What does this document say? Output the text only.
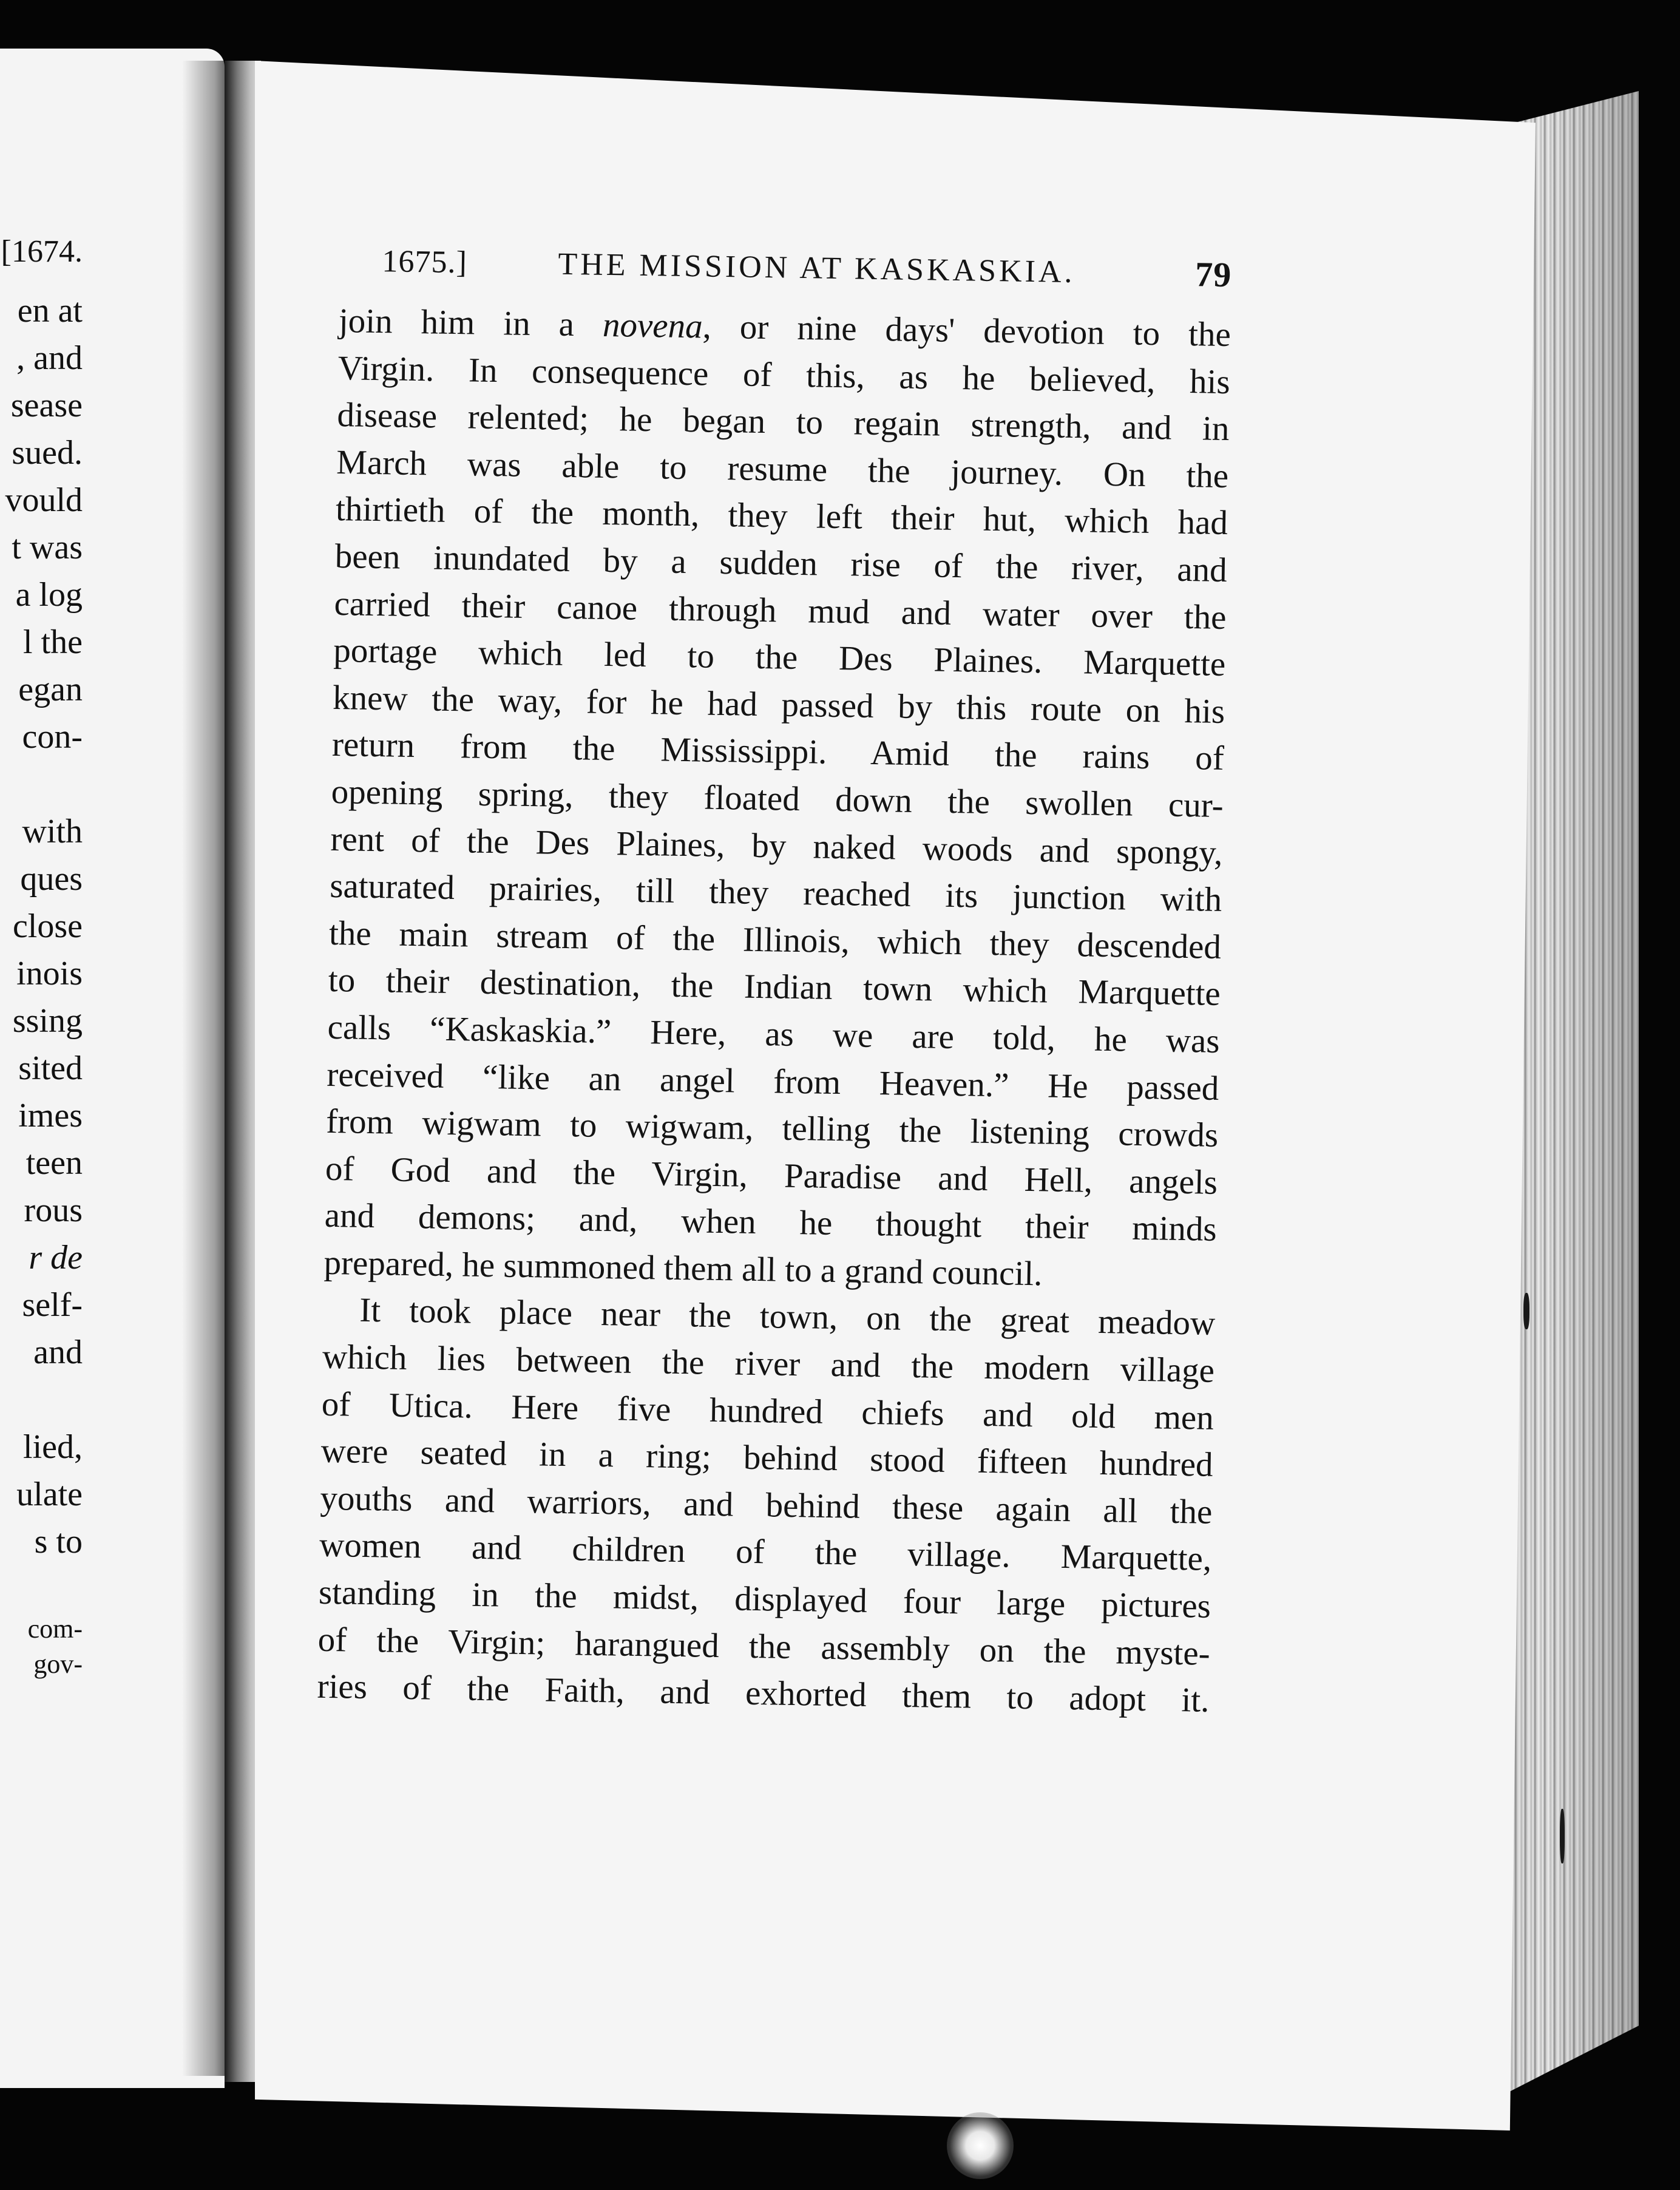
[1674.
en at
, and
sease
sued.
vould
t was
a log
l the
egan
con-
with
ques
close
inois
ssing
sited
imes
teen
rous
r de
self-
and
lied,
ulate
s to
com-
gov-
1675.]	THE MISSION AT KASKASKIA.	79
join him in a novena, or nine days' devotion to the
Virgin. In consequence of this, as he believed, his
disease relented; he began to regain strength, and in
March was able to resume the journey. On the
thirtieth of the month, they left their hut, which had
been inundated by a sudden rise of the river, and
carried their canoe through mud and water over the
portage which led to the Des Plaines. Marquette
knew the way, for he had passed by this route on his
return from the Mississippi. Amid the rains of
opening spring, they floated down the swollen cur-
rent of the Des Plaines, by naked woods and spongy,
saturated prairies, till they reached its junction with
the main stream of the Illinois, which they descended
to their destination, the Indian town which Marquette
calls “Kaskaskia.” Here, as we are told, he was
received “like an angel from Heaven.” He passed
from wigwam to wigwam, telling the listening crowds
of God and the Virgin, Paradise and Hell, angels
and demons; and, when he thought their minds
prepared, he summoned them all to a grand council.
It took place near the town, on the great meadow
which lies between the river and the modern village
of Utica. Here five hundred chiefs and old men
were seated in a ring; behind stood fifteen hundred
youths and warriors, and behind these again all the
women and children of the village. Marquette,
standing in the midst, displayed four large pictures
of the Virgin; harangued the assembly on the myste-
ries of the Faith, and exhorted them to adopt it.
